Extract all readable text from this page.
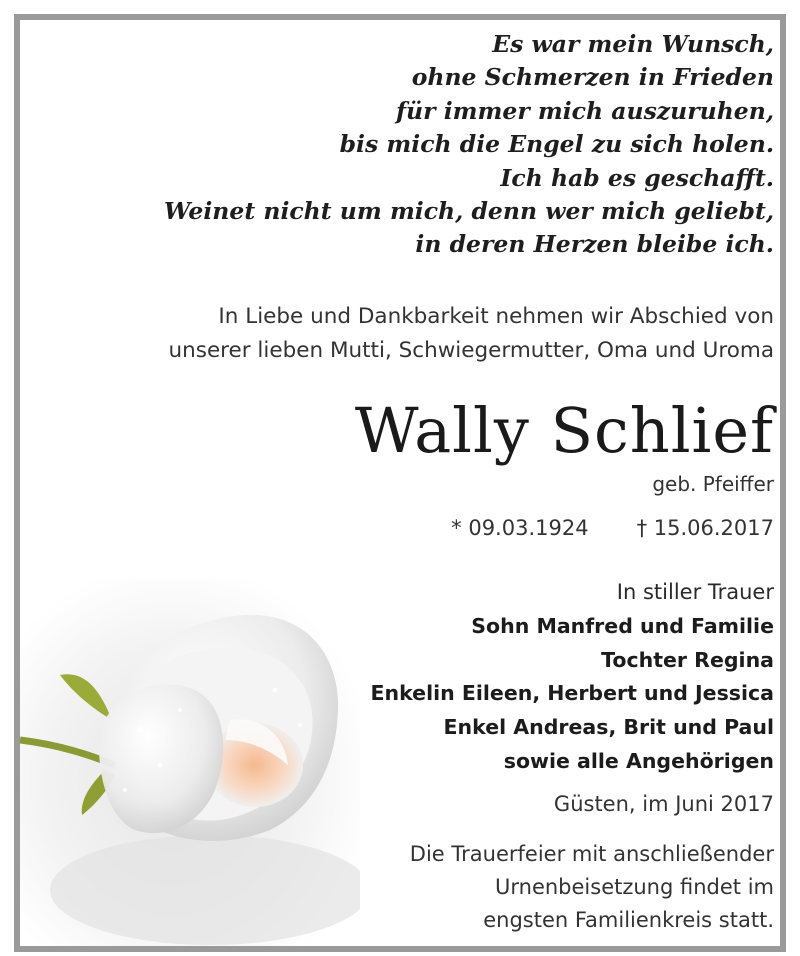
Es war mein Wunsch,
ohne Schmerzen in Frieden
für immer mich auszuruhen,
bis mich die Engel zu sich holen.
Ich hab es geschafft.
Weinet nicht um mich, denn wer mich geliebt,
in deren Herzen bleibe ich.
In Liebe und Dankbarkeit nehmen wir Abschied von
unserer lieben Mutti, Schwiegermutter, Oma und Uroma
Wally Schlief
geb. Pfeiffer
* 09.03.1924 † 15.06.2017
In stiller Trauer
Sohn Manfred und Familie
Tochter Regina
Enkelin Eileen, Herbert und Jessica
Enkel Andreas, Brit und Paul
sowie alle Angehörigen
Güsten, im Juni 2017
Die Trauerfeier mit anschließender
Urnenbeisetzung findet im
engsten Familienkreis statt.
